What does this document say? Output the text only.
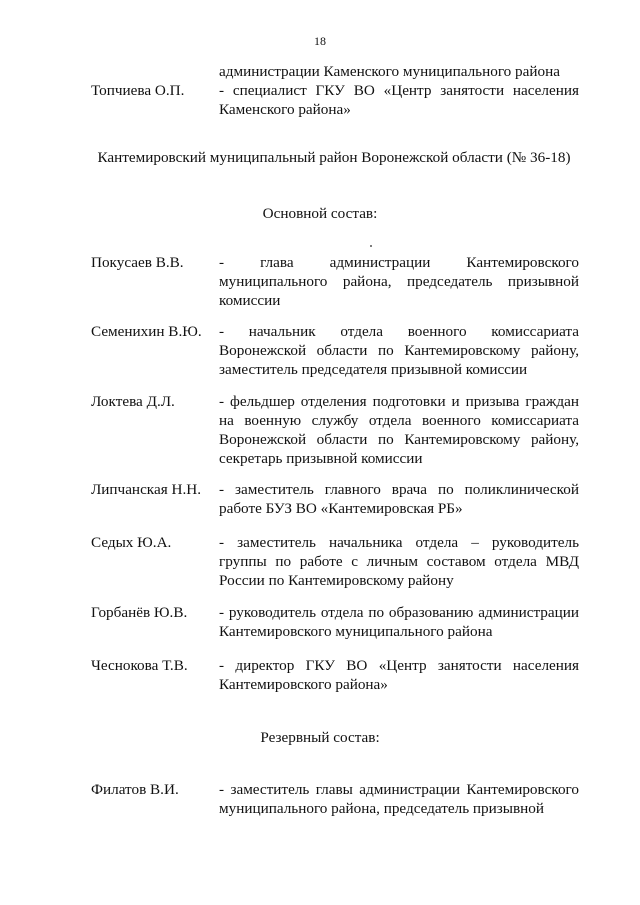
18
администрации Каменского муниципального района
Топчиева О.П. - специалист ГКУ ВО «Центр занятости населения Каменского района»
Кантемировский муниципальный район Воронежской области (№ 36-18)
Основной состав:
Покусаев В.В. - глава администрации Кантемировского муниципального района, председатель призывной комиссии
Семенихин В.Ю. - начальник отдела военного комиссариата Воронежской области по Кантемировскому району, заместитель председателя призывной комиссии
Локтева Д.Л.	- фельдшер отделения подготовки и призыва граждан на военную службу отдела военного комиссариата Воронежской области по Кантемировскому району, секретарь призывной комиссии
Липчанская Н.Н. - заместитель главного врача по поликлинической работе БУЗ ВО «Кантемировская РБ»
Седых Ю.А.	- заместитель начальника отдела – руководитель группы по работе с личным составом отдела МВД России по Кантемировскому району
Горбанёв Ю.В. - руководитель отдела по образованию администрации Кантемировского муниципального района
Чеснокова Т.В. - директор ГКУ ВО «Центр занятости населения Кантемировского района»
Резервный состав:
Филатов В.И.	- заместитель главы администрации Кантемировского муниципального района, председатель призывной
